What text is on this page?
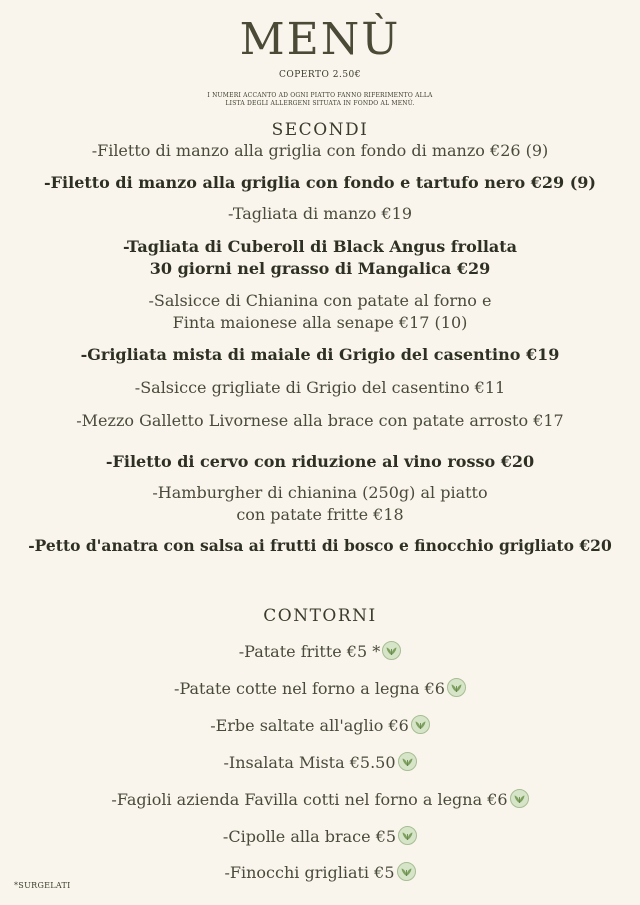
MENÙ
COPERTO 2.50€
I NUMERI ACCANTO AD OGNI PIATTO FANNO RIFERIMENTO ALLA
LISTA DEGLI ALLERGENI SITUATA IN FONDO AL MENÙ.
SECONDI
-Filetto di manzo alla griglia con fondo di manzo €26 (9)
-Filetto di manzo alla griglia con fondo e tartufo nero €29 (9)
-Tagliata di manzo €19
-Tagliata di Cuberoll di Black Angus frollata
30 giorni nel grasso di Mangalica €29
-Salsicce di Chianina con patate al forno e
Finta maionese alla senape €17 (10)
-Grigliata mista di maiale di Grigio del casentino €19
-Salsicce grigliate di Grigio del casentino €11
-Mezzo Galletto Livornese alla brace con patate arrosto €17
-Filetto di cervo con riduzione al vino rosso €20
-Hamburgher di chianina (250g) al piatto
con patate fritte €18
-Petto d'anatra con salsa ai frutti di bosco e finocchio grigliato €20
CONTORNI
-Patate fritte €5 *
-Patate cotte nel forno a legna €6
-Erbe saltate all'aglio €6
-Insalata Mista €5.50
-Fagioli azienda Favilla cotti nel forno a legna €6
-Cipolle alla brace €5
-Finocchi grigliati €5
*SURGELATI
